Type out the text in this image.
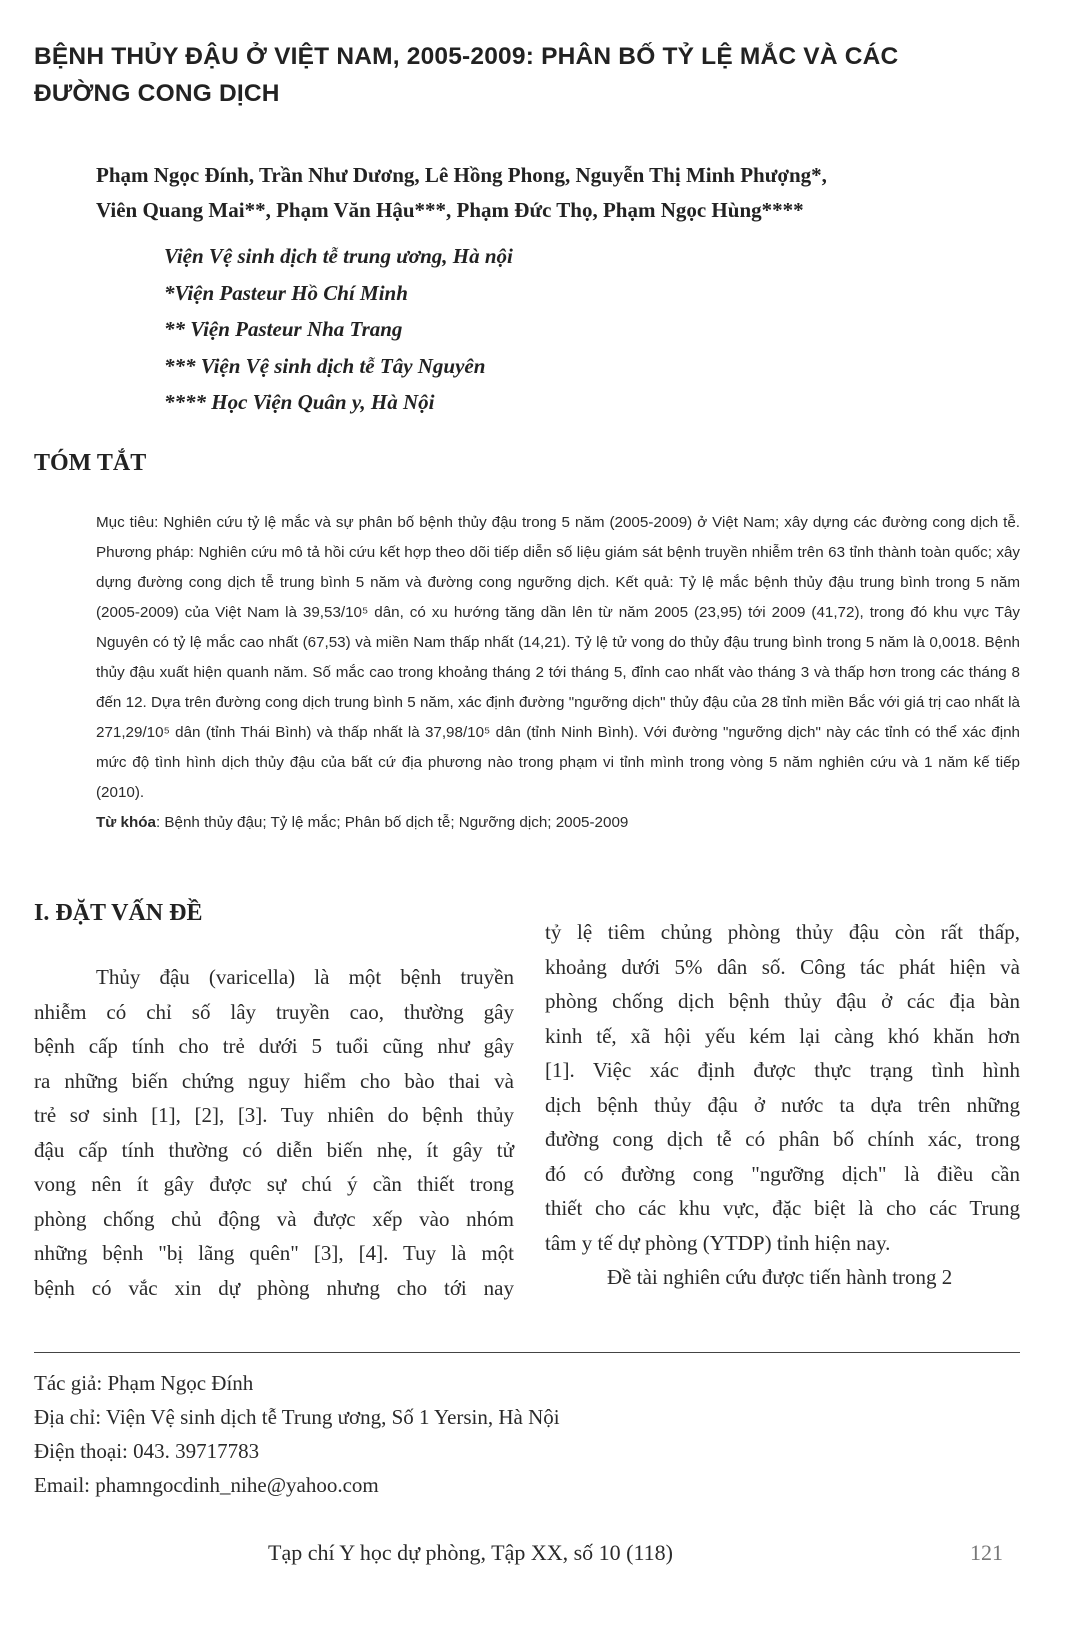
BỆNH THỦY ĐẬU Ở VIỆT NAM, 2005-2009: PHÂN BỐ TỶ LỆ MẮC VÀ CÁC
ĐƯỜNG CONG DỊCH
Phạm Ngọc Đính, Trần Như Dương, Lê Hồng Phong, Nguyễn Thị Minh Phượng*,
Viên Quang Mai**, Phạm Văn Hậu***, Phạm Đức Thọ, Phạm Ngọc Hùng****
Viện Vệ sinh dịch tễ trung ương, Hà nội
*Viện Pasteur Hồ Chí Minh
** Viện Pasteur Nha Trang
*** Viện Vệ sinh dịch tễ Tây Nguyên
**** Học Viện Quân y, Hà Nội
TÓM TẮT

Mục tiêu: Nghiên cứu tỷ lệ mắc và sự phân bố bệnh thủy đậu trong 5 năm (2005-2009) ở Việt Nam; xây dựng các đường cong dịch tễ. Phương pháp: Nghiên cứu mô tả hồi cứu kết hợp theo dõi tiếp diễn số liệu giám sát bệnh truyền nhiễm trên 63 tỉnh thành toàn quốc; xây dựng đường cong dịch tễ trung bình 5 năm và đường cong ngưỡng dịch. Kết quả: Tỷ lệ mắc bệnh thủy đậu trung bình trong 5 năm (2005-2009) của Việt Nam là 39,53/10⁵ dân, có xu hướng tăng dần lên từ năm 2005 (23,95) tới 2009 (41,72), trong đó khu vực Tây Nguyên có tỷ lệ mắc cao nhất (67,53) và miền Nam thấp nhất (14,21). Tỷ lệ tử vong do thủy đậu trung bình trong 5 năm là 0,0018. Bệnh thủy đậu xuất hiện quanh năm. Số mắc cao trong khoảng tháng 2 tới tháng 5, đỉnh cao nhất vào tháng 3 và thấp hơn trong các tháng 8 đến 12. Dựa trên đường cong dịch trung bình 5 năm, xác định đường "ngưỡng dịch" thủy đậu của 28 tỉnh miền Bắc với giá trị cao nhất là 271,29/10⁵ dân (tỉnh Thái Bình) và thấp nhất là 37,98/10⁵ dân (tỉnh Ninh Bình). Với đường "ngưỡng dịch" này các tỉnh có thể xác định mức độ tình hình dịch thủy đậu của bất cứ địa phương nào trong phạm vi tỉnh mình trong vòng 5 năm nghiên cứu và 1 năm kế tiếp (2010).

Từ khóa: Bệnh thủy đậu; Tỷ lệ mắc; Phân bố dịch tễ; Ngưỡng dịch; 2005-2009

I. ĐẶT VẤN ĐỀ
Thủy đậu (varicella) là một bệnh truyền
nhiễm có chỉ số lây truyền cao, thường gây
bệnh cấp tính cho trẻ dưới 5 tuổi cũng như gây
ra những biến chứng nguy hiểm cho bào thai và
trẻ sơ sinh [1], [2], [3]. Tuy nhiên do bệnh thủy
đậu cấp tính thường có diễn biến nhẹ, ít gây tử
vong nên ít gây được sự chú ý cần thiết trong
phòng chống chủ động và được xếp vào nhóm
những bệnh "bị lãng quên" [3], [4]. Tuy là một
bệnh có vắc xin dự phòng nhưng cho tới nay
tỷ lệ tiêm chủng phòng thủy đậu còn rất thấp,
khoảng dưới 5% dân số. Công tác phát hiện và
phòng chống dịch bệnh thủy đậu ở các địa bàn
kinh tế, xã hội yếu kém lại càng khó khăn hơn
[1]. Việc xác định được thực trạng tình hình
dịch bệnh thủy đậu ở nước ta dựa trên những
đường cong dịch tễ có phân bố chính xác, trong
đó có đường cong "ngưỡng dịch" là điều cần
thiết cho các khu vực, đặc biệt là cho các Trung
tâm y tế dự phòng (YTDP) tỉnh hiện nay.
Đề tài nghiên cứu được tiến hành trong 2
Tác giả: Phạm Ngọc Đính
Địa chỉ: Viện Vệ sinh dịch tễ Trung ương, Số 1 Yersin, Hà Nội
Điện thoại: 043. 39717783
Email: phamngocdinh_nihe@yahoo.com
Tạp chí Y học dự phòng, Tập XX, số 10 (118)	121
